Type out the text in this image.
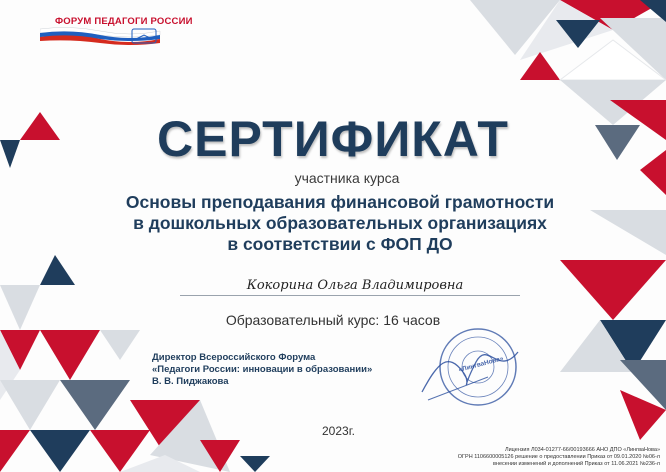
ФОРУМ ПЕДАГОГИ РОССИИ
СЕРТИФИКАТ
участника курса
Основы преподавания финансовой грамотности
в дошкольных образовательных организациях
в соответствии с ФОП ДО
Кокорина Ольга Владимировна
Образовательный курс: 16 часов
Директор Всероссийского Форума
«Педагоги России: инновации в образовании»
В. В. Пиджакова
«ЛингваНова»
2023г.
Лицензия Л034-01277-66/00193666 АНО ДПО «ЛингваНова»
ОГРН 1106600005126 решение о предоставлении Приказ от 09.01.2020 №06-л
внесении изменений и дополнений Приказ от 11.06.2021 №236-л
